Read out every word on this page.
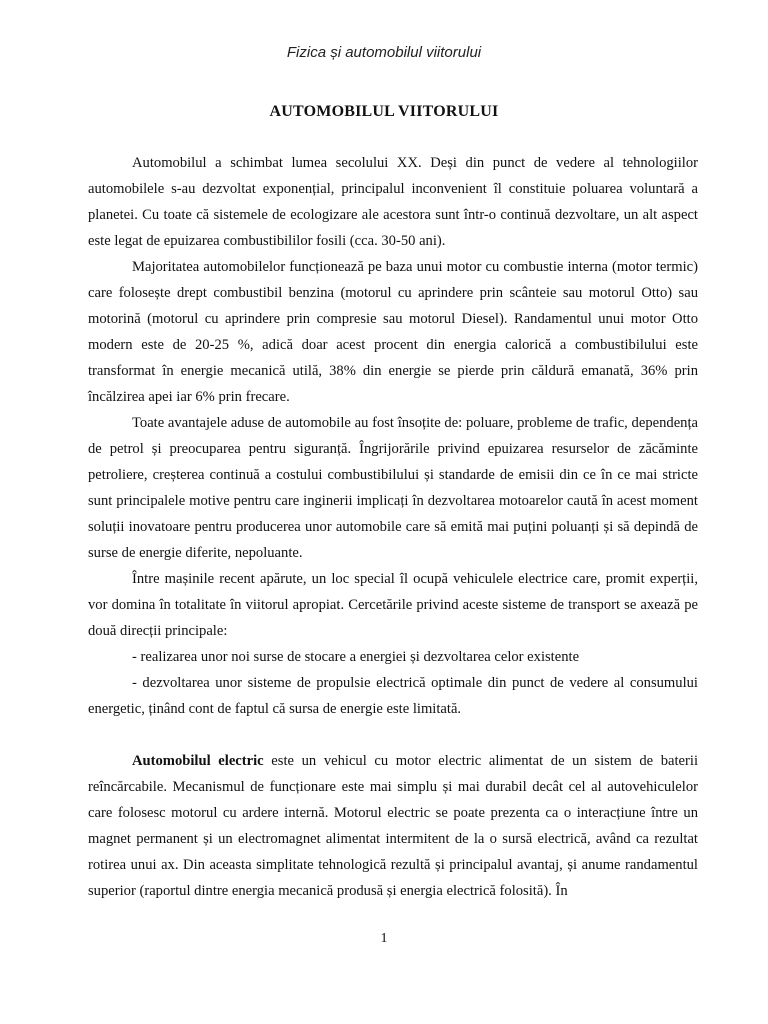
Fizica și automobilul viitorului
AUTOMOBILUL VIITORULUI

Automobilul a schimbat lumea secolului XX. Deși din punct de vedere al tehnologiilor automobilele s-au dezvoltat exponențial, principalul inconvenient îl constituie poluarea voluntară a planetei. Cu toate că sistemele de ecologizare ale acestora sunt într-o continuă dezvoltare, un alt aspect este legat de epuizarea combustibililor fosili (cca. 30-50 ani).

Majoritatea automobilelor funcționează pe baza unui motor cu combustie interna (motor termic) care folosește drept combustibil benzina (motorul cu aprindere prin scânteie sau motorul Otto) sau motorină (motorul cu aprindere prin compresie sau motorul Diesel). Randamentul unui motor Otto modern este de 20-25 %, adică doar acest procent din energia calorică a combustibilului este transformat în energie mecanică utilă, 38% din energie se pierde prin căldură emanată, 36% prin încălzirea apei iar 6% prin frecare.

Toate avantajele aduse de automobile au fost însoțite de: poluare, probleme de trafic, dependența de petrol și preocuparea pentru siguranță. Îngrijorările privind epuizarea resurselor de zăcăminte petroliere, creșterea continuă a costului combustibilului și standarde de emisii din ce în ce mai stricte sunt principalele motive pentru care inginerii implicați în dezvoltarea motoarelor caută în acest moment soluții inovatoare pentru producerea unor automobile care să emită mai puțini poluanți și să depindă de surse de energie diferite, nepoluante.

Între mașinile recent apărute, un loc special îl ocupă vehiculele electrice care, promit experții, vor domina în totalitate în viitorul apropiat. Cercetările privind aceste sisteme de transport se axează pe două direcții principale:

- realizarea unor noi surse de stocare a energiei și dezvoltarea celor existente

- dezvoltarea unor sisteme de propulsie electrică optimale din punct de vedere al consumului energetic, ținând cont de faptul că sursa de energie este limitată.

Automobilul electric este un vehicul cu motor electric alimentat de un sistem de baterii reîncărcabile. Mecanismul de funcționare este mai simplu și mai durabil decât cel al autovehiculelor care folosesc motorul cu ardere internă. Motorul electric se poate prezenta ca o interacțiune între un magnet permanent și un electromagnet alimentat intermitent de la o sursă electrică, având ca rezultat rotirea unui ax. Din aceasta simplitate tehnologică rezultă și principalul avantaj, și anume randamentul superior (raportul dintre energia mecanică produsă și energia electrică folosită). În

1
